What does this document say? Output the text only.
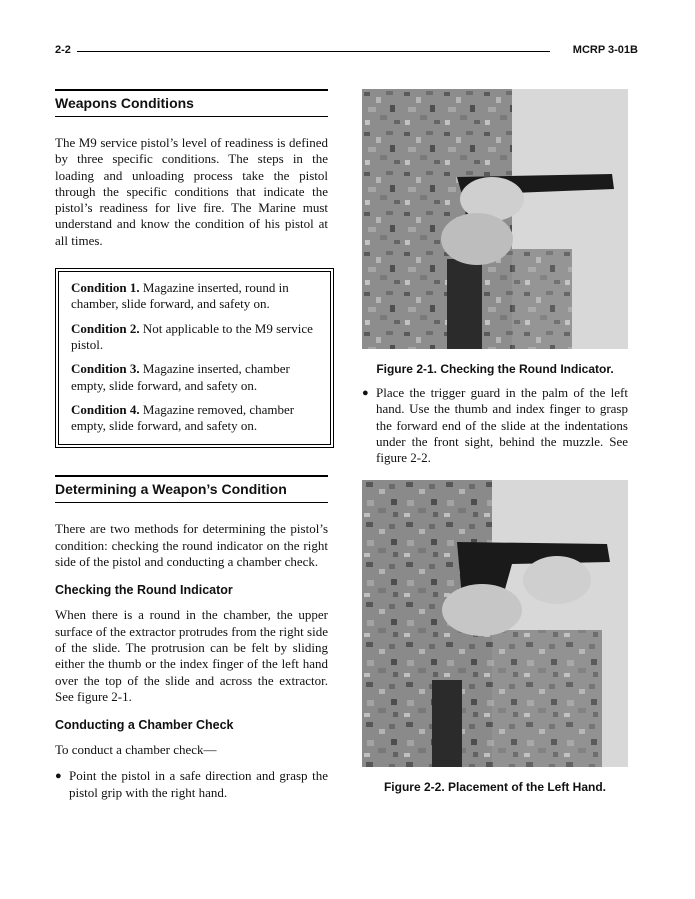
2-2	MCRP 3-01B
Weapons Conditions

The M9 service pistol’s level of readiness is defined by three specific conditions. The steps in the loading and unloading process take the pistol through the specific conditions that indicate the pistol’s readiness for live fire. The Marine must understand and know the condition of his pistol at all times.

Condition 1. Magazine inserted, round in chamber, slide forward, and safety on.

Condition 2. Not applicable to the M9 service pistol.

Condition 3. Magazine inserted, chamber empty, slide forward, and safety on.

Condition 4. Magazine removed, chamber empty, slide forward, and safety on.

Determining a Weapon’s Condition

There are two methods for determining the pistol’s condition: checking the round indicator on the right side of the pistol and conducting a chamber check.

Checking the Round Indicator

When there is a round in the chamber, the upper surface of the extractor protrudes from the right side of the slide. The protrusion can be felt by sliding either the thumb or the index finger of the left hand over the top of the slide and across the extractor. See figure 2-1.

Conducting a Chamber Check

To conduct a chamber check—

● Point the pistol in a safe direction and grasp the pistol grip with the right hand.

Figure 2-1. Checking the Round Indicator.

● Place the trigger guard in the palm of the left hand. Use the thumb and index finger to grasp the forward end of the slide at the indentations under the front sight, behind the muzzle. See figure 2-2.

Figure 2-2. Placement of the Left Hand.
